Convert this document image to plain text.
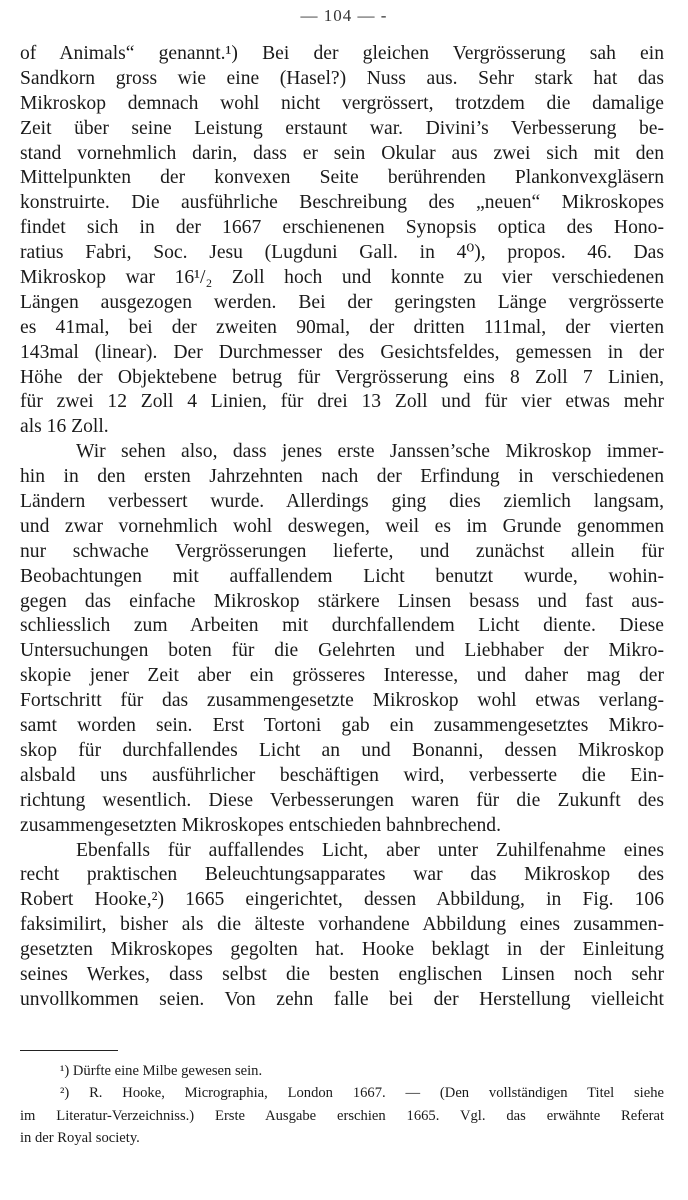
— 104 — -
of Animals“ genannt.¹) Bei der gleichen Vergrösserung sah ein
Sandkorn gross wie eine (Hasel?) Nuss aus. Sehr stark hat das
Mikroskop demnach wohl nicht vergrössert, trotzdem die damalige
Zeit über seine Leistung erstaunt war. Divini’s Verbesserung be-
stand vornehmlich darin, dass er sein Okular aus zwei sich mit den
Mittelpunkten der konvexen Seite berührenden Plankonvexgläsern
konstruirte. Die ausführliche Beschreibung des „neuen“ Mikroskopes
findet sich in der 1667 erschienenen Synopsis optica des Hono-
ratius Fabri, Soc. Jesu (Lugduni Gall. in 4⁰), propos. 46. Das
Mikroskop war 16¹/₂ Zoll hoch und konnte zu vier verschiedenen
Längen ausgezogen werden. Bei der geringsten Länge vergrösserte
es 41mal, bei der zweiten 90mal, der dritten 111mal, der vierten
143mal (linear). Der Durchmesser des Gesichtsfeldes, gemessen in der
Höhe der Objektebene betrug für Vergrösserung eins 8 Zoll 7 Linien,
für zwei 12 Zoll 4 Linien, für drei 13 Zoll und für vier etwas mehr
als 16 Zoll.
Wir sehen also, dass jenes erste Janssen’sche Mikroskop immer-
hin in den ersten Jahrzehnten nach der Erfindung in verschiedenen
Ländern verbessert wurde. Allerdings ging dies ziemlich langsam,
und zwar vornehmlich wohl deswegen, weil es im Grunde genommen
nur schwache Vergrösserungen lieferte, und zunächst allein für
Beobachtungen mit auffallendem Licht benutzt wurde, wohin-
gegen das einfache Mikroskop stärkere Linsen besass und fast aus-
schliesslich zum Arbeiten mit durchfallendem Licht diente. Diese
Untersuchungen boten für die Gelehrten und Liebhaber der Mikro-
skopie jener Zeit aber ein grösseres Interesse, und daher mag der
Fortschritt für das zusammengesetzte Mikroskop wohl etwas verlang-
samt worden sein. Erst Tortoni gab ein zusammengesetztes Mikro-
skop für durchfallendes Licht an und Bonanni, dessen Mikroskop
alsbald uns ausführlicher beschäftigen wird, verbesserte die Ein-
richtung wesentlich. Diese Verbesserungen waren für die Zukunft des
zusammengesetzten Mikroskopes entschieden bahnbrechend.
Ebenfalls für auffallendes Licht, aber unter Zuhilfenahme eines
recht praktischen Beleuchtungsapparates war das Mikroskop des
Robert Hooke,²) 1665 eingerichtet, dessen Abbildung, in Fig. 106
faksimilirt, bisher als die älteste vorhandene Abbildung eines zusammen-
gesetzten Mikroskopes gegolten hat. Hooke beklagt in der Einleitung
seines Werkes, dass selbst die besten englischen Linsen noch sehr
unvollkommen seien. Von zehn falle bei der Herstellung vielleicht
¹) Dürfte eine Milbe gewesen sein.
²) R. Hooke, Micrographia, London 1667. — (Den vollständigen Titel siehe
im Literatur-Verzeichniss.) Erste Ausgabe erschien 1665. Vgl. das erwähnte Referat
in der Royal society.
